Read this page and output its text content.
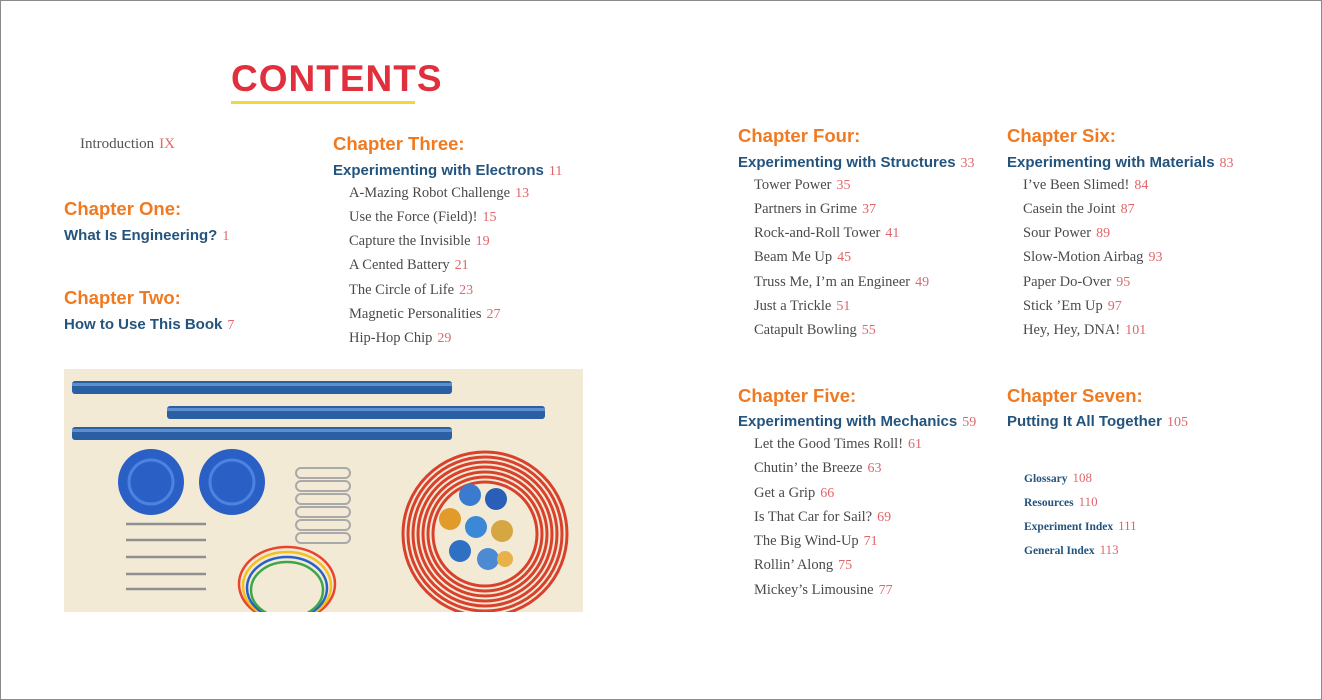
CONTENTS
Introduction IX
Chapter One:
What Is Engineering? 1
Chapter Two:
How to Use This Book 7
Chapter Three:
Experimenting with Electrons 11
A-Mazing Robot Challenge 13
Use the Force (Field)! 15
Capture the Invisible 19
A Cented Battery 21
The Circle of Life 23
Magnetic Personalities 27
Hip-Hop Chip 29
Chapter Four:
Experimenting with Structures 33
Tower Power 35
Partners in Grime 37
Rock-and-Roll Tower 41
Beam Me Up 45
Truss Me, I’m an Engineer 49
Just a Trickle 51
Catapult Bowling 55
Chapter Five:
Experimenting with Mechanics 59
Let the Good Times Roll! 61
Chutin’ the Breeze 63
Get a Grip 66
Is That Car for Sail? 69
The Big Wind-Up 71
Rollin’ Along 75
Mickey’s Limousine 77
Chapter Six:
Experimenting with Materials 83
I’ve Been Slimed! 84
Casein the Joint 87
Sour Power 89
Slow-Motion Airbag 93
Paper Do-Over 95
Stick ’Em Up 97
Hey, Hey, DNA! 101
Chapter Seven:
Putting It All Together 105
Glossary 108
Resources 110
Experiment Index 111
General Index 113
